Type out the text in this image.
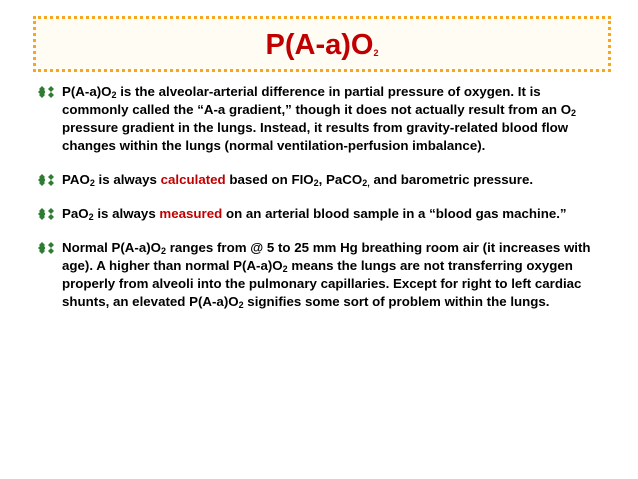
$P(A-a)O_2$
$P(A-a)O_2$ is the alveolar-arterial difference in partial pressure of oxygen. It is commonly called the “A-a gradient,” though it does not actually result from an $O_2$ pressure gradient in the lungs. Instead, it results from gravity-related blood flow changes within the lungs (normal ventilation-perfusion imbalance).
$PAO_2$ is always calculated based on $FIO_2$, PaCO$_{2,}$ and barometric pressure.
PaO$_2$ is always measured on an arterial blood sample in a “blood gas machine.”
Normal $P(A-a)O_2$ ranges from @ 5 to 25 mm Hg breathing room air (it increases with age). A higher than normal $P(A-a)O_2$ means the lungs are not transferring oxygen properly from alveoli into the pulmonary capillaries. Except for right to left cardiac shunts, an elevated $P(A-a)O_2$ signifies some sort of problem within the lungs.
